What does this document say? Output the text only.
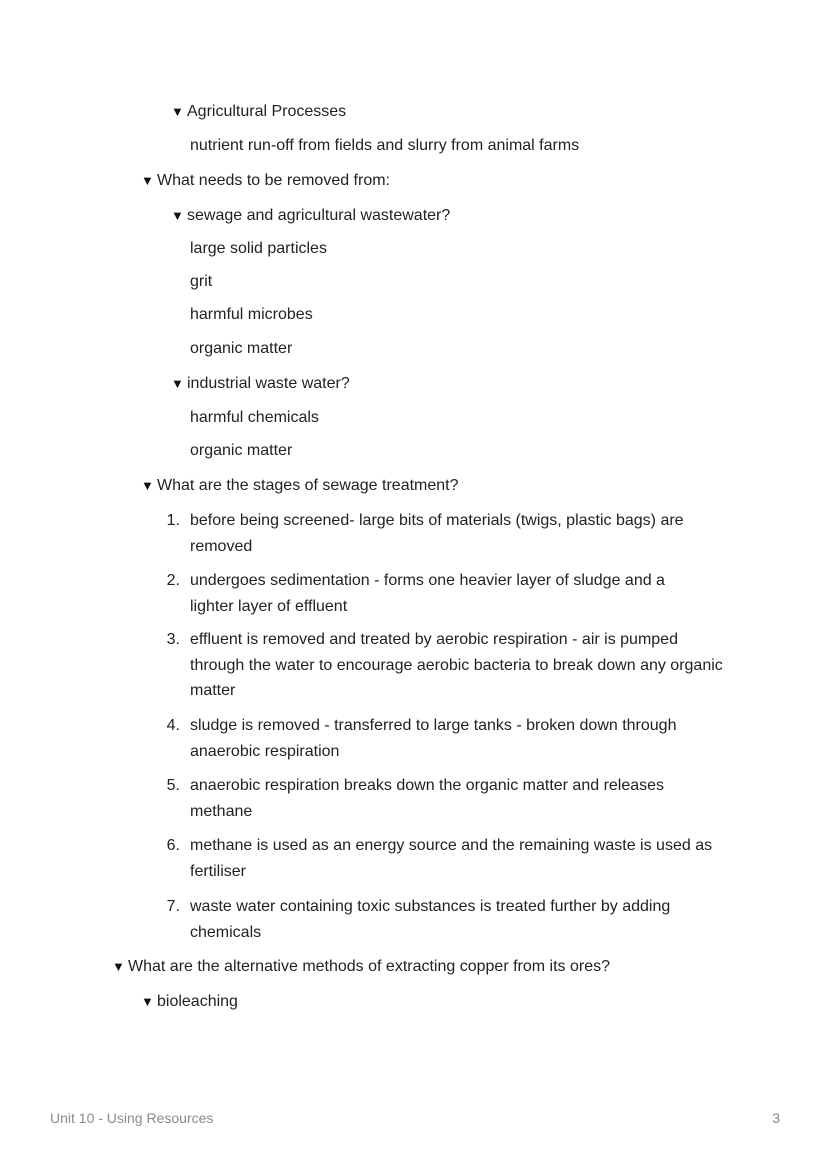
▼ Agricultural Processes
nutrient run-off from fields and slurry from animal farms
▼ What needs to be removed from:
▼ sewage and agricultural wastewater?
large solid particles
grit
harmful microbes
organic matter
▼ industrial waste water?
harmful chemicals
organic matter
▼ What are the stages of sewage treatment?
1. before being screened- large bits of materials (twigs, plastic bags) are removed
2. undergoes sedimentation - forms one heavier layer of sludge and a lighter layer of effluent
3. effluent is removed and treated by aerobic respiration - air is pumped through the water to encourage aerobic bacteria to break down any organic matter
4. sludge is removed - transferred to large tanks - broken down through anaerobic respiration
5. anaerobic respiration breaks down the organic matter and releases methane
6. methane is used as an energy source and the remaining waste is used as fertiliser
7. waste water containing toxic substances is treated further by adding chemicals
▼ What are the alternative methods of extracting copper from its ores?
▼ bioleaching
Unit 10 - Using Resources	3
